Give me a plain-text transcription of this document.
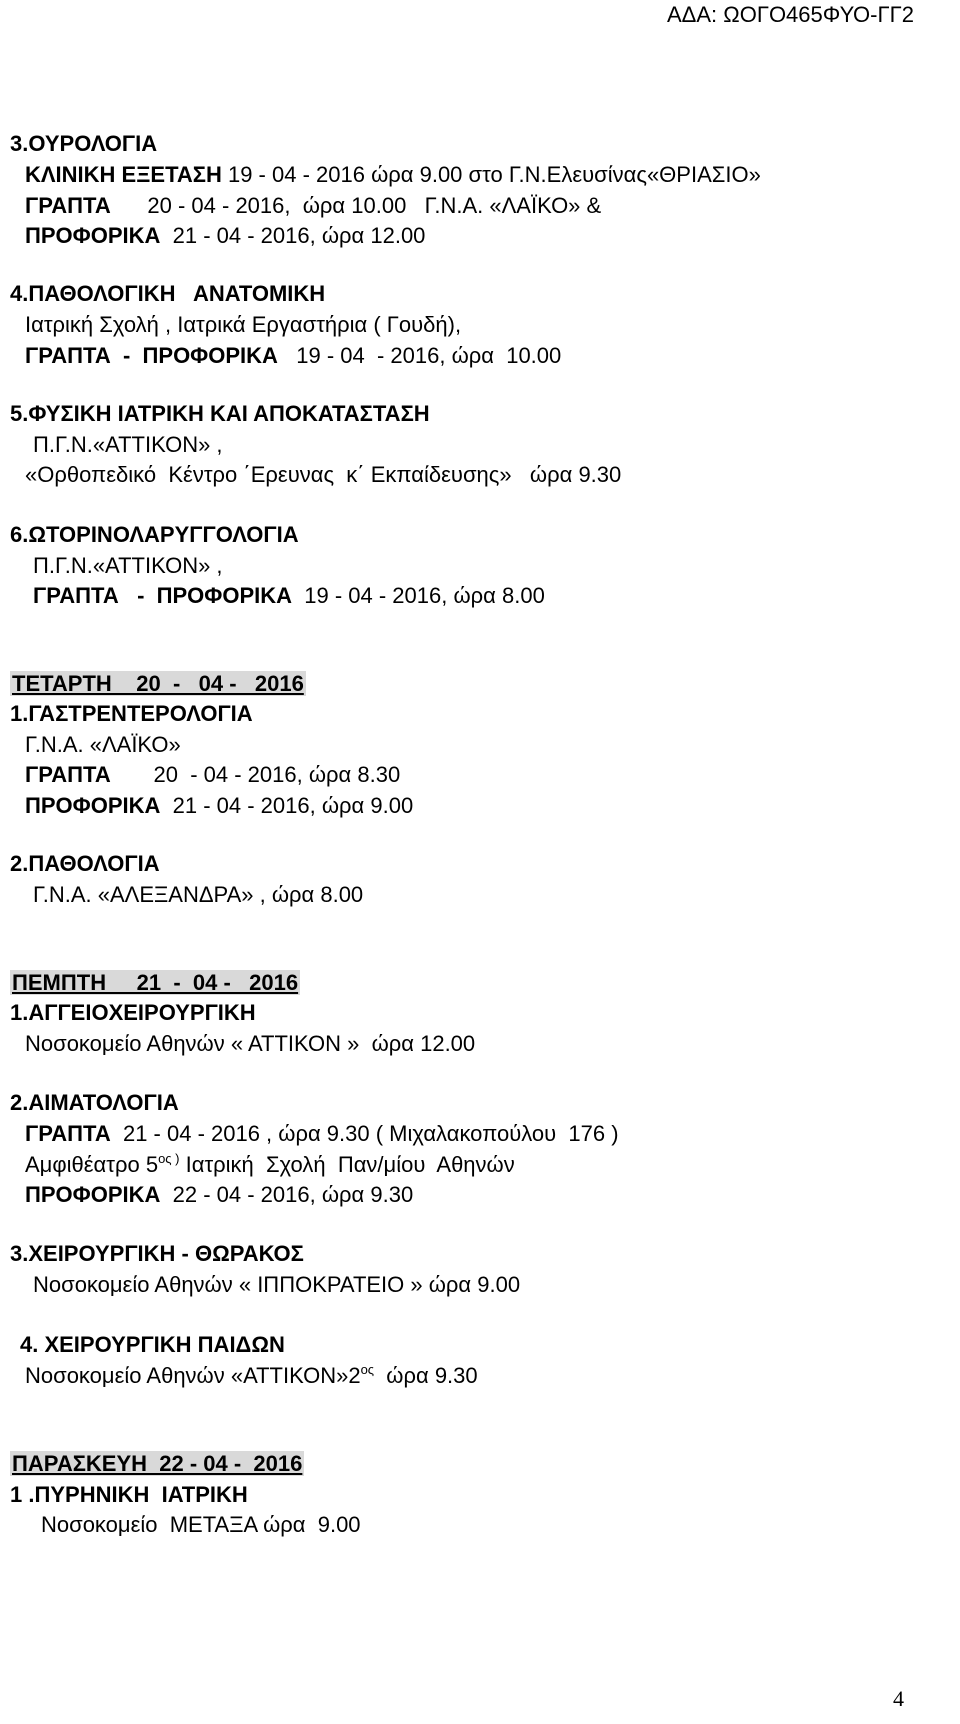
ΑΔΑ: ΩΟΓΟ465ΦΥΟ-ΓΓ2
3.ΟΥΡΟΛΟΓΙΑ
ΚΛΙΝΙΚΗ ΕΞΕΤΑΣΗ 19 - 04 - 2016 ώρα 9.00 στο Γ.Ν.Ελευσίνας«ΘΡΙΑΣΙΟ»
ΓΡΑΠΤΑ      20 - 04 - 2016,  ώρα 10.00   Γ.Ν.Α. «ΛΑΪΚΟ» &
ΠΡΟΦΟΡΙΚΑ  21 - 04 - 2016, ώρα 12.00
4.ΠΑΘΟΛΟΓΙΚΗ   ΑΝΑΤΟΜΙΚΗ
Ιατρική Σχολή , Ιατρικά Εργαστήρια ( Γουδή),
ΓΡΑΠΤΑ  -  ΠΡΟΦΟΡΙΚΑ   19 - 04  - 2016, ώρα  10.00
5.ΦΥΣΙΚΗ ΙΑΤΡΙΚΗ ΚΑΙ ΑΠΟΚΑΤΑΣΤΑΣΗ
Π.Γ.Ν.«ΑΤΤΙΚΟΝ» ,
«Ορθοπεδικό  Κέντρο ΄Ερευνας  κ΄ Εκπαίδευσης»   ώρα 9.30
6.ΩΤΟΡΙΝΟΛΑΡΥΓΓΟΛΟΓΙΑ
Π.Γ.Ν.«ΑΤΤΙΚΟΝ» ,
ΓΡΑΠΤΑ   -  ΠΡΟΦΟΡΙΚΑ  19 - 04 - 2016, ώρα 8.00
ΤΕΤΑΡΤΗ    20  -   04 -   2016
1.ΓΑΣΤΡΕΝΤΕΡΟΛΟΓΙΑ
Γ.Ν.Α. «ΛΑΪΚΟ»
ΓΡΑΠΤΑ       20  - 04 - 2016, ώρα 8.30
ΠΡΟΦΟΡΙΚΑ  21 - 04 - 2016, ώρα 9.00
2.ΠΑΘΟΛΟΓΙΑ
Γ.Ν.Α. «ΑΛΕΞΑΝΔΡΑ» , ώρα 8.00
ΠΕΜΠΤΗ     21  -  04 -   2016
1.ΑΓΓΕΙΟΧΕΙΡΟΥΡΓΙΚΗ
Νοσοκομείο Αθηνών « ΑΤΤΙΚΟΝ »  ώρα 12.00
2.ΑΙΜΑΤΟΛΟΓΙΑ
ΓΡΑΠΤΑ  21 - 04 - 2016 , ώρα 9.30 ( Μιχαλακοπούλου  176 )
Αμφιθέατρο $5^{o\varsigma )}$ Ιατρική  Σχολή  Παν/μίου  Αθηνών
ΠΡΟΦΟΡΙΚΑ  22 - 04 - 2016, ώρα 9.30
3.ΧΕΙΡΟΥΡΓΙΚΗ - ΘΩΡΑΚΟΣ
Νοσοκομείο Αθηνών « ΙΠΠΟΚΡΑΤΕΙΟ » ώρα 9.00
4. ΧΕΙΡΟΥΡΓΙΚΗ ΠΑΙΔΩΝ
Νοσοκομείο Αθηνών «$ATTIKON»2^{o\varsigma}$  ώρα 9.30
ΠΑΡΑΣΚΕΥΗ  22 - 04 -  2016
1 .ΠΥΡΗΝΙΚΗ  ΙΑΤΡΙΚΗ
Νοσοκομείο  ΜΕΤΑΞΑ ώρα  9.00
4
